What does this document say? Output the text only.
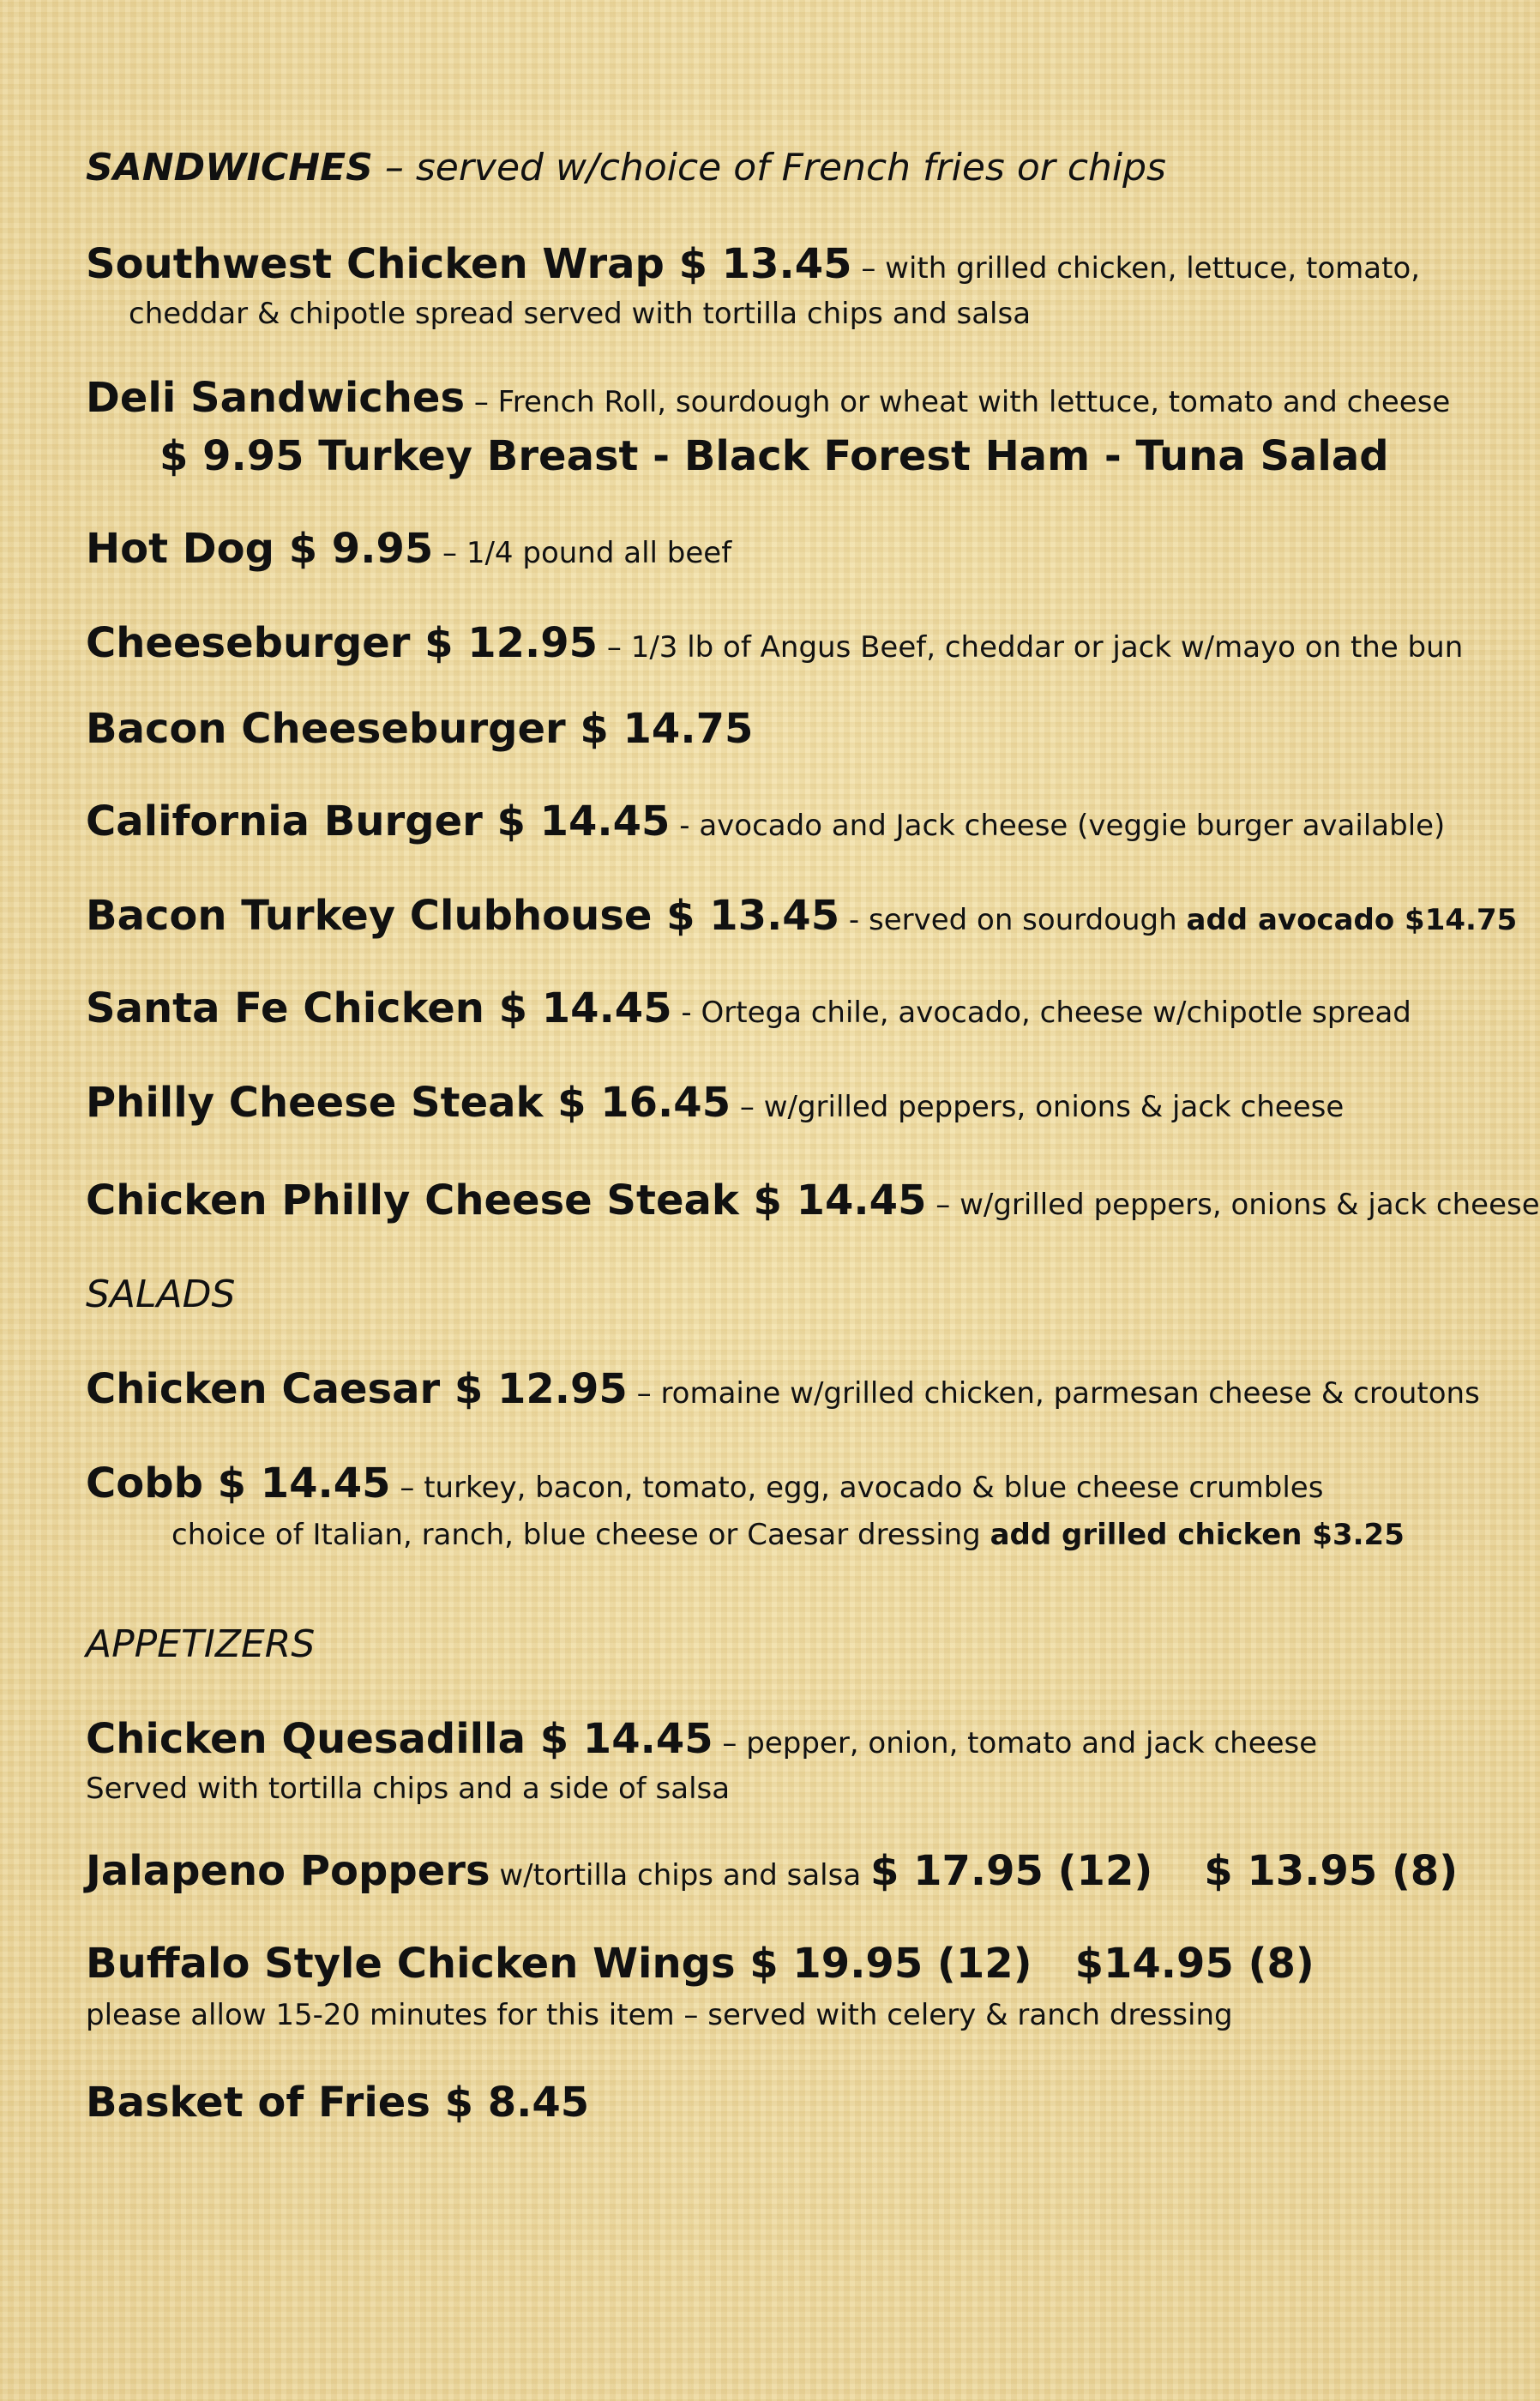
SANDWICHES – served w/choice of French fries or chips
Southwest Chicken Wrap $ 13.45 – with grilled chicken, lettuce, tomato,
cheddar & chipotle spread served with tortilla chips and salsa
Deli Sandwiches – French Roll, sourdough or wheat with lettuce, tomato and cheese
$ 9.95 Turkey Breast - Black Forest Ham - Tuna Salad
Hot Dog $ 9.95 – 1/4 pound all beef
Cheeseburger $ 12.95 – 1/3 lb of Angus Beef, cheddar or jack w/mayo on the bun
Bacon Cheeseburger $ 14.75
California Burger $ 14.45 - avocado and Jack cheese (veggie burger available)
Bacon Turkey Clubhouse $ 13.45 - served on sourdough add avocado $14.75
Santa Fe Chicken $ 14.45 - Ortega chile, avocado, cheese w/chipotle spread
Philly Cheese Steak $ 16.45 – w/grilled peppers, onions & jack cheese
Chicken Philly Cheese Steak $ 14.45 – w/grilled peppers, onions & jack cheese
SALADS
Chicken Caesar $ 12.95 – romaine w/grilled chicken, parmesan cheese & croutons
Cobb $ 14.45 – turkey, bacon, tomato, egg, avocado & blue cheese crumbles
choice of Italian, ranch, blue cheese or Caesar dressing add grilled chicken $3.25
APPETIZERS
Chicken Quesadilla $ 14.45 – pepper, onion, tomato and jack cheese
Served with tortilla chips and a side of salsa
Jalapeno Poppers w/tortilla chips and salsa $ 17.95 (12) $ 13.95 (8)
Buffalo Style Chicken Wings $ 19.95 (12) $14.95 (8)
please allow 15-20 minutes for this item – served with celery & ranch dressing
Basket of Fries $ 8.45
